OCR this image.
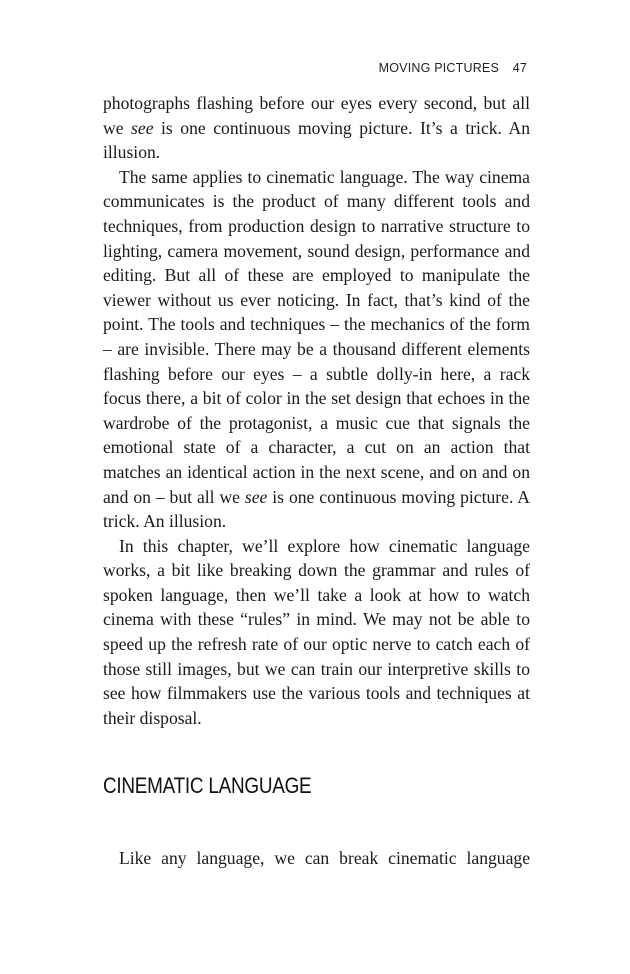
MOVING PICTURES 47

photographs flashing before our eyes every second, but all we see is one continuous moving picture. It’s a trick. An illusion.

The same applies to cinematic language. The way cinema communicates is the product of many different tools and techniques, from production design to narrative structure to lighting, camera movement, sound design, performance and editing. But all of these are employed to manipulate the viewer without us ever noticing. In fact, that’s kind of the point. The tools and techniques – the mechanics of the form – are invisible. There may be a thousand different elements flashing before our eyes – a subtle dolly-in here, a rack focus there, a bit of color in the set design that echoes in the wardrobe of the protagonist, a music cue that signals the emotional state of a character, a cut on an action that matches an identical action in the next scene, and on and on and on – but all we see is one continuous moving picture. A trick. An illusion.

In this chapter, we’ll explore how cinematic language works, a bit like breaking down the grammar and rules of spoken language, then we’ll take a look at how to watch cinema with these “rules” in mind. We may not be able to speed up the refresh rate of our optic nerve to catch each of those still images, but we can train our interpretive skills to see how filmmakers use the various tools and techniques at their disposal.

CINEMATIC LANGUAGE

Like any language, we can break cinematic language
